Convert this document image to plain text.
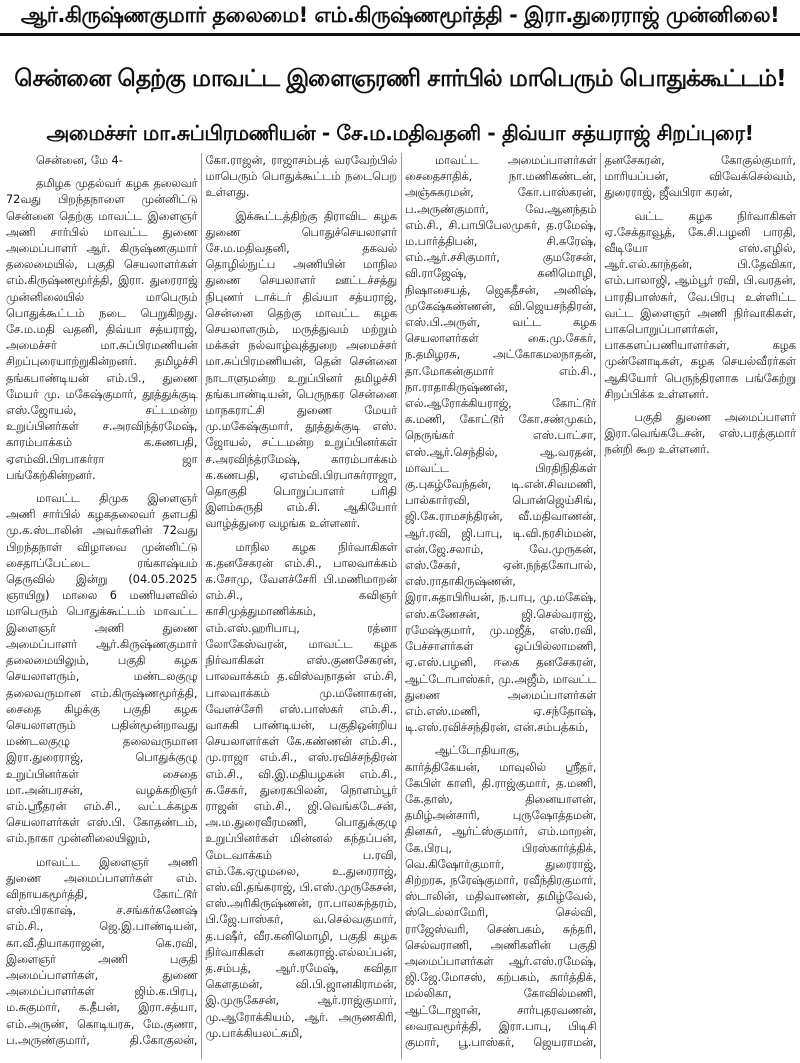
ஆர்.கிருஷ்ணகுமார் தலைமை! எம்.கிருஷ்ணமூர்த்தி - இரா.துரைராஜ் முன்னிலை!
சென்னை தெற்கு மாவட்ட இளைஞரணி சார்பில் மாபெரும் பொதுக்கூட்டம்!
அமைச்சர் மா.சுப்பிரமணியன் - சே.ம.மதிவதனி - திவ்யா சத்யராஜ் சிறப்புரை!

சென்னை, மே 4-

தமிழக முதல்வர் கழக தலைவர் 72வது பிறந்தநாளை முன்னிட்டு சென்னை தெற்கு மாவட்ட இளைஞர் அணி சார்பில் மாவட்ட துணை அமைப்பாளர் ஆர். கிருஷ்ணகுமார் தலைமையில், பகுதி செயலாளர்கள் எம்.கிருஷ்ணமூர்த்தி, இரா. துரைராஜ் முன்னிலையில் மாபெரும் பொதுக்கூட்டம் நடை பெறுகிறது. சே.ம.மதி வதனி, திவ்யா சத்யராஜ், அமைச்சர் மா.சுப்பிரமணியன் சிறப்புரையாற்றுகின்றனர். தமிழச்சி தங்கபாண்டியன் எம்.பி., துணை மேயர் மு. மகேஷ்குமார், தூத்துக்குடி எஸ்.ஜோயல், சட்டமன்ற உறுப்பினர்கள் ச.அரவிந்த்ரமேஷ், காரம்பாக்கம் க.கணபதி, ஏஎம்வி.பிரபாகர்ரா ஜா பங்கேற்கின்றனர்.

மாவட்ட திமுக இளைஞர் அணி சார்பில் கழகதலைவர் தளபதி மு.க.ஸ்டாலின் அவர்களின் 72வது பிறந்தநாள் விழாவை முன்னிட்டு சைதாப்பேட்டை ரங்காஷ்யம் தெருவில் இன்று (04.05.2025 ஞாயிறு) மாலை 6 மணியளவில் மாபெரும் பொதுக்கூட்டம் மாவட்ட இளைஞர் அணி துணை அமைப்பாளர் ஆர்.கிருஷ்ணகுமார் தலைமையிலும், பகுதி கழக செயலாளரும், மண்டலகுழு தலைவருமான எம்.கிருஷ்ணமூர்த்தி, சைதை கிழக்கு பகுதி கழக செயலாளரும் பதின்மூன்றாவது மண்டலகுழு தலைவருமான இரா.துரைராஜ், பொதுக்குழு உறுப்பினர்கள் சைதை மா.அன்பரசன், வழக்கறிஞர் எம்.ஸ்ரீதரன் எம்.சி., வட்டக்கழக செயலாளர்கள் எஸ்.பி. கோதண்டம், எம்.நாகா முன்னிலையிலும்,

மாவட்ட இளைஞர் அணி துணை அமைப்பாளர்கள் எம். விநாயகமூர்த்தி, கோட்டூர் எஸ்.பிரகாஷ், ச.சங்கர்கணேஷ் எம்.சி., ஜெ.இ.பாண்டியன், கா.வீ.தியாகராஜன், கெ.ரவி, இளைஞர் அணி பகுதி அமைப்பாளர்கள், துணை அமைப்பாளர்கள் ஜிம்.க.பிரபு, ம.சுகுமார், க.தீபன், இரா.சத்யா, எம்.அருண், கொடியரசு, மே.குணா, ப.அருண்குமார், தி.கோகுலன், கோ.ராஜன், ராஜாசம்பத் வரவேற்பில் மாபெரும் பொதுக்கூட்டம் நடைபெற உள்ளது.

இக்கூட்டத்திற்கு திராவிட கழக துணை பொதுச்செயலாளர் சே.ம.மதிவதனி, தகவல் தொழில்நுட்ப அணியின் மாநில துணை செயலாளர் ஊட்டச்சத்து நிபுணர் டாக்டர் திவ்யா சத்யராஜ், சென்னை தெற்கு மாவட்ட கழக செயலாளரும், மருத்துவம் மற்றும் மக்கள் நல்வாழ்வுத்துறை அமைச்சர் மா.சுப்பிரமணியன், தென் சென்னை நாடாளுமன்ற உறுப்பினர் தமிழச்சி தங்கபாண்டியன், பெருநகர சென்னை மாநகராட்சி துணை மேயர் மு.மகேஷ்குமார், தூத்துக்குடி எஸ். ஜோயல், சட்டமன்ற உறுப்பினர்கள் ச.அரவிந்த்ரமேஷ், காரம்பாக்கம் க.கணபதி, ஏஎம்வி.பிரபாகர்ராஜா, தொகுதி பொறுப்பாளர் பரிதி இளம்சுருதி எம்.சி. ஆகியோர் வாழ்த்துரை வழங்க உள்ளனர்.

மாநில கழக நிர்வாகிகள் க.தனசேகரன் எம்.சி., பாலவாக்கம் க.சோமு, வேளச்சேரி பி.மணிமாறன் எம்.சி., கவிஞர் காசிமுத்துமாணிக்கம், எம்.எஸ்.ஹரிபாபு, ரத்னா லோகேஸ்வரன், மாவட்ட கழக நிர்வாகிகள் எஸ்.குணசேகரன், பாலவாக்கம் த.விஸ்வநாதன் எம்.சி, பாலவாக்கம் மு.மனோகரன், வேளச்சேரி எஸ்.பாஸ்கர் எம்.சி., வாசுகி பாண்டியன், பகுதிஒன்றிய செயலாளர்கள் கே.கண்ணன் எம்.சி., மு.ராஜா எம்.சி., எஸ்.ரவிச்சந்திரன் எம்.சி., வி.இ.மதியழகன் எம்.சி., சு.சேகர், துரைகபிலன், நொளம்பூர் ராஜன் எம்.சி., ஜி.வெங்கடேசன், அ.ம.துரைவீரமணி, பொதுக்குழு உறுப்பினர்கள் மின்னல் கந்தப்பன், மேடவாக்கம் ப.ரவி, எம்.கே.ஏழுமலை, உ.துரைராஜ், எஸ்.வி.தங்கராஜ், பி.எஸ்.முருகேசன், எஸ்.அரிகிருஷ்ணன், ரா.பாலசுந்தரம், பி.ஜே.பாஸ்கர், வ.செல்வகுமார், த.பஷீர், வீர.கனிமொழி, பகுதி கழக நிர்வாகிகள் கனகராஜ்.எல்லப்பன், த.சம்பத், ஆர்.ரமேஷ், கவிதா கௌதமன், வி.பி.ஜானகிராமன், இ.முருகேசன், ஆர்.ராஜ்குமார், மு.ஆரோக்கியம், ஆர். அருணகிரி, மு.பாக்கியலட்சுமி,

மாவட்ட அமைப்பாளர்கள் சைதைசாதிக், நா.மணிகண்டன், அஞ்சுகரமன், கோ.பாஸ்கரன், ப.அருண்குமார், வே.ஆனந்தம் எம்.சி., சி.பாபிபேலமுகர், த.ரமேஷ், ம.பார்த்திபன், சி.சுரேஷ், எம்.ஆர்.சசிகுமார், குமரேசன், வி.ராஜேஷ், கனிமொழி, நிஷாசையத், ஜெகதீசன், அனிஷ், முகேஷ்கண்ணன், வி.ஜெயசந்திரன், எஸ்.பி.அருள், வட்ட கழக செயலாளர்கள் கை.மு.சேகர், ந.தமிழரசு, அட்கோகமலநாதன், தா.மோகன்குமார் எம்.சி., நா.ராதாகிருஷ்ணன், எல்.ஆரோக்கியராஜ், கோட்டூர் க.மணி, கோட்டூர் கோ.சண்முகம், நெருங்கர் எஸ்.பாட்சா, எஸ்.ஆர்.செந்தில், ஆ.வரதன், மாவட்ட பிரதிநிதிகள் கு.புகழ்வேந்தன், டி.என்.சிவமணி, பால்கார்ரவி, பொன்ஜெய்சிங், ஜி.கே.ராமசந்திரன், வீ.மதிவாணன், ஆர்.ரவி, ஜி.பாபு, டி.வி.நரசிம்மன், என்.ஜே.சலாம், வே.முருகன், எஸ்.சேகர், ஏன்.நந்தகோபால், எஸ்.ராதாகிருஷ்ணன், இரா.சுதாபிரியன், ந.பாபு, மு.மகேஷ், எஸ்.கணேசன், ஜி.செல்வராஜ், ரமேஷ்குமார், மு.மஜீத், எஸ்.ரவி, பேச்சாளர்கள் ஒப்பில்லாமணி, ஏ.எஸ்.பழனி, ஈகை தனசேகரன், ஆட்டோபாஸ்கர், மு.அஜீம், மாவட்ட துணை அமைப்பாளர்கள் எம்.எஸ்.மணி, ஏ.சந்தோஷ், டி.எஸ்.ரவிச்சந்திரன், என்.சம்பத்கம்,

ஆட்டோதியாகு, கார்த்திகேயன், மாவுலில் ஸ்ரீதர், கேபிள் காளி, தி.ராஜ்குமார், த.மணி, கே.தாஸ், தினையாளன், தமிழ்அன்சாரி, புருஷோத்தமன், தினகர், ஆர்ட்ஸ்குமார், எம்.மாறன், கே.பிரபு, பிரஸ்கார்த்திக், வெ.கிஷோர்குமார், துரைராஜ், சிற்றரசு, நரேஷ்குமார், ரவீந்திரகுமார், ஸ்டாலின், மதிவாணன், தமிழ்வேல், ஸ்டெல்லாமேரி, செல்வி, ராஜேஸ்வரி, செண்பகம், சுந்தரி, செல்வராணி, அணிகளின் பகுதி அமைப்பாளர்கள் ஆர்.எஸ்.ரமேஷ், ஜி.ஜே.மோசஸ், கற்பகம், கார்த்திக், மல்லிகா, கோவில்மணி, ஆட்டோஜான், சார்புதரவணன், வைரவமூர்த்தி, இரா.பாபு, பிடிசி குமார், பூ.பாஸ்கர், ஜெயராமன், தனசேகரன், கோகுல்குமார், மாரியப்பன், விவேக்செல்வம், துரைராஜ், ஜீவபிரா கரன்,

வட்ட கழக நிர்வாகிகள் ஏ.சேக்தாவூத், கே.சி.பழனி பாரதி, வீடியோ எஸ்.எழில், ஆர்.எல்.காந்தன், பி.தேவிகா, எம்.பாலாஜி, ஆம்பூர் ரவி, பி.வரதன், பாரதிபாஸ்கர், வே.பிரபு உள்ளிட்ட வட்ட இளைஞர் அணி நிர்வாகிகள், பாகபொறுப்பாளர்கள், பாககளப்பணியாளர்கள், கழக முன்னோடிகள், கழக செயல்வீரர்கள் ஆகியோர் பெருந்திரளாக பங்கேற்று சிறப்பிக்க உள்ளனர்.

பகுதி துணை அமைப்பாளர் இரா.வெங்கடேசன், எஸ்.பரத்குமார் நன்றி கூற உள்ளனர்.
